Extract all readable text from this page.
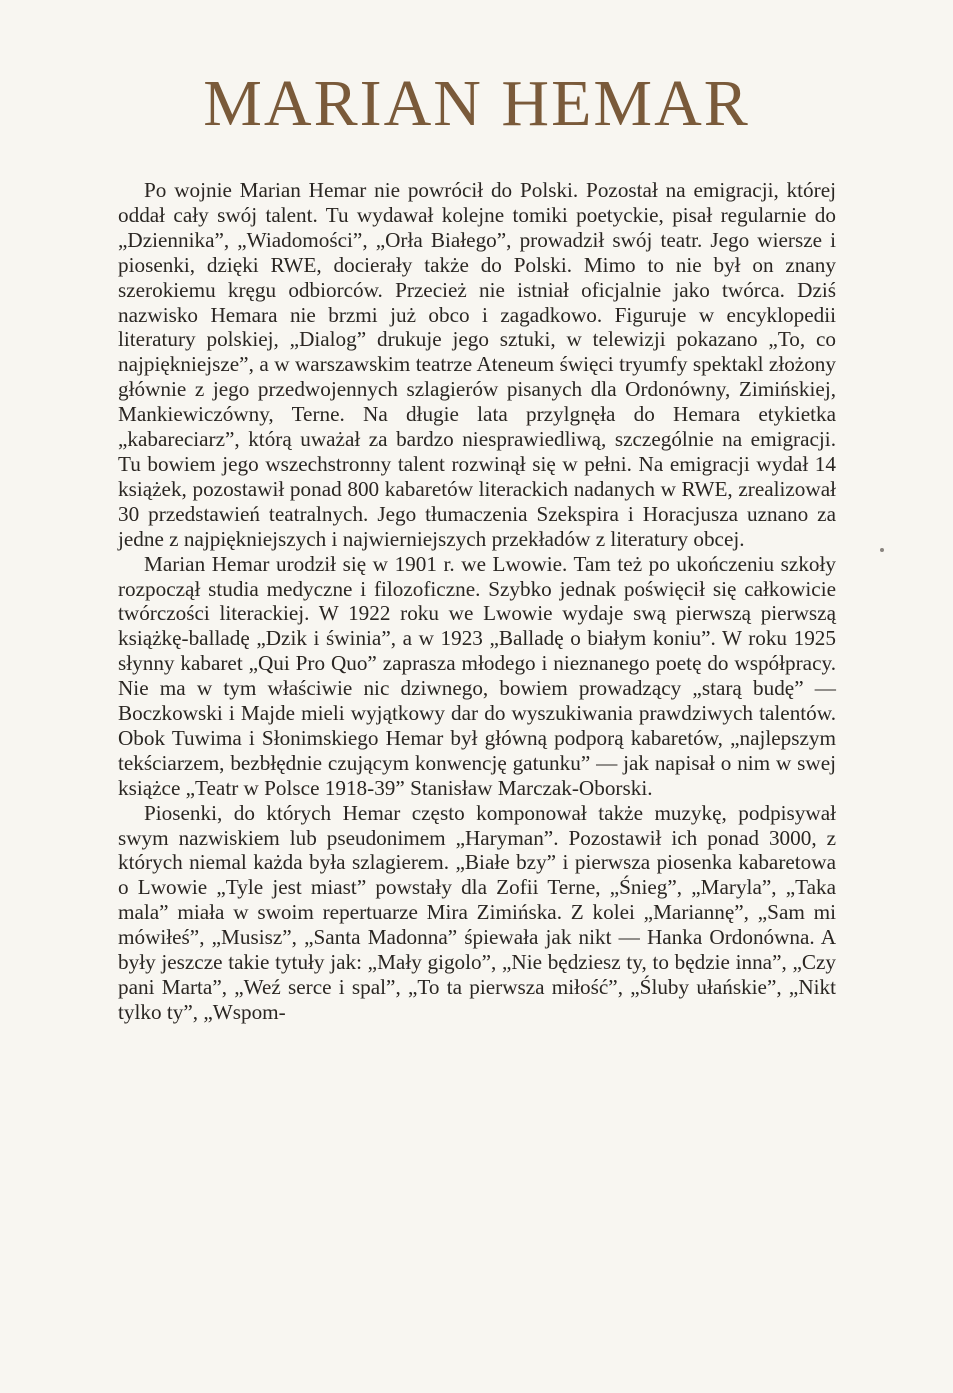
MARIAN HEMAR

Po wojnie Marian Hemar nie powrócił do Polski. Pozostał na emigracji, której oddał cały swój talent. Tu wydawał kolejne tomiki poetyckie, pisał regularnie do „Dziennika”, „Wiadomości”, „Orła Białego”, prowadził swój teatr. Jego wiersze i piosenki, dzięki RWE, docierały także do Polski. Mimo to nie był on znany szerokiemu kręgu odbiorców. Przecież nie istniał oficjalnie jako twórca. Dziś nazwisko Hemara nie brzmi już obco i zagadkowo. Figuruje w encyklopedii literatury polskiej, „Dialog” drukuje jego sztuki, w telewizji pokazano „To, co najpiękniejsze”, a w warszawskim teatrze Ateneum święci tryumfy spektakl złożony głównie z jego przedwojennych szlagierów pisanych dla Ordonówny, Zimińskiej, Mankiewiczówny, Terne. Na długie lata przylgnęła do Hemara etykietka „kabareciarz”, którą uważał za bardzo niesprawiedliwą, szczególnie na emigracji. Tu bowiem jego wszechstronny talent rozwinął się w pełni. Na emigracji wydał 14 książek, pozostawił ponad 800 kabaretów literackich nadanych w RWE, zrealizował 30 przedstawień teatralnych. Jego tłumaczenia Szekspira i Horacjusza uznano za jedne z najpiękniejszych i najwierniejszych przekładów z literatury obcej.

Marian Hemar urodził się w 1901 r. we Lwowie. Tam też po ukończeniu szkoły rozpoczął studia medyczne i filozoficzne. Szybko jednak poświęcił się całkowicie twórczości literackiej. W 1922 roku we Lwowie wydaje swą pierwszą pierwszą książkę-balladę „Dzik i świnia”, a w 1923 „Balladę o białym koniu”. W roku 1925 słynny kabaret „Qui Pro Quo” zaprasza młodego i nieznanego poetę do współpracy. Nie ma w tym właściwie nic dziwnego, bowiem prowadzący „starą budę” — Boczkowski i Majde mieli wyjątkowy dar do wyszukiwania prawdziwych talentów. Obok Tuwima i Słonimskiego Hemar był główną podporą kabaretów, „najlepszym tekściarzem, bezbłędnie czującym konwencję gatunku” — jak napisał o nim w swej książce „Teatr w Polsce 1918-39” Stanisław Marczak-Oborski.

Piosenki, do których Hemar często komponował także muzykę, podpisywał swym nazwiskiem lub pseudonimem „Haryman”. Pozostawił ich ponad 3000, z których niemal każda była szlagierem. „Białe bzy” i pierwsza piosenka kabaretowa o Lwowie „Tyle jest miast” powstały dla Zofii Terne, „Śnieg”, „Maryla”, „Taka mala” miała w swoim repertuarze Mira Zimińska. Z kolei „Mariannę”, „Sam mi mówiłeś”, „Musisz”, „Santa Madonna” śpiewała jak nikt — Hanka Ordonówna. A były jeszcze takie tytuły jak: „Mały gigolo”, „Nie będziesz ty, to będzie inna”, „Czy pani Marta”, „Weź serce i spal”, „To ta pierwsza miłość”, „Śluby ułańskie”, „Nikt tylko ty”, „Wspom-
